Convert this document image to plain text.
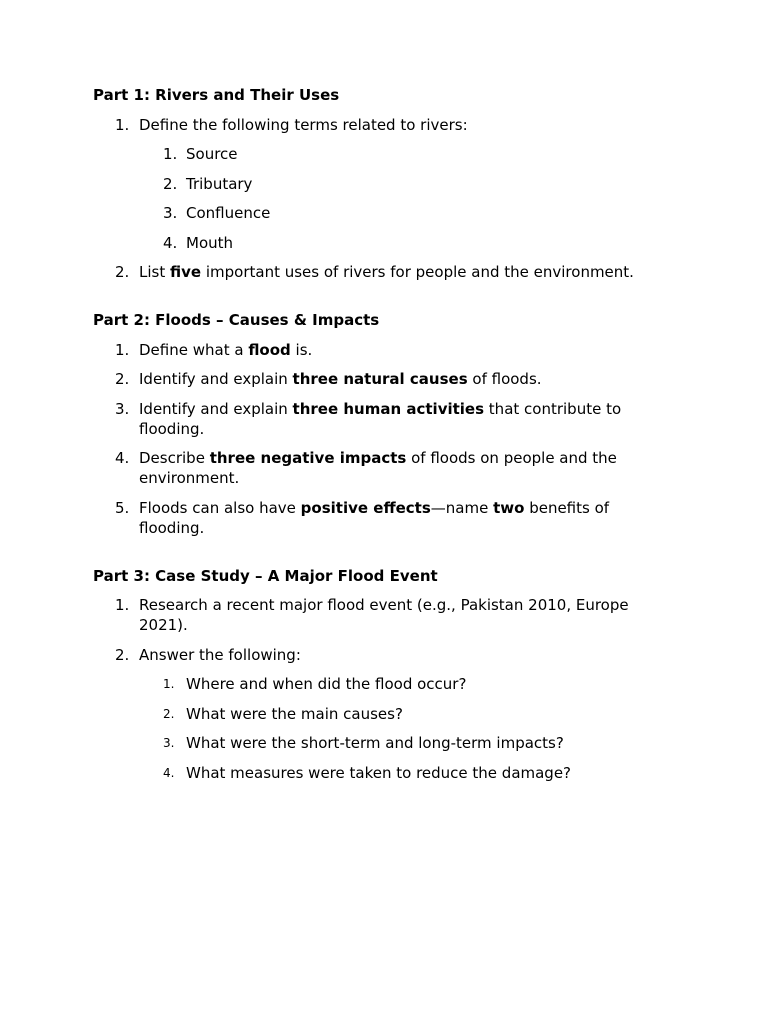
Part 1: Rivers and Their Uses

1. Define the following terms related to rivers:
1. Source
2. Tributary
3. Confluence
4. Mouth
2. List five important uses of rivers for people and the environment.

Part 2: Floods – Causes & Impacts

1. Define what a flood is.
2. Identify and explain three natural causes of floods.
3. Identify and explain three human activities that contribute to flooding.
4. Describe three negative impacts of floods on people and the environment.
5. Floods can also have positive effects—name two benefits of flooding.

Part 3: Case Study – A Major Flood Event

1. Research a recent major flood event (e.g., Pakistan 2010, Europe 2021).
2. Answer the following:
1. Where and when did the flood occur?
2. What were the main causes?
3. What were the short-term and long-term impacts?
4. What measures were taken to reduce the damage?
